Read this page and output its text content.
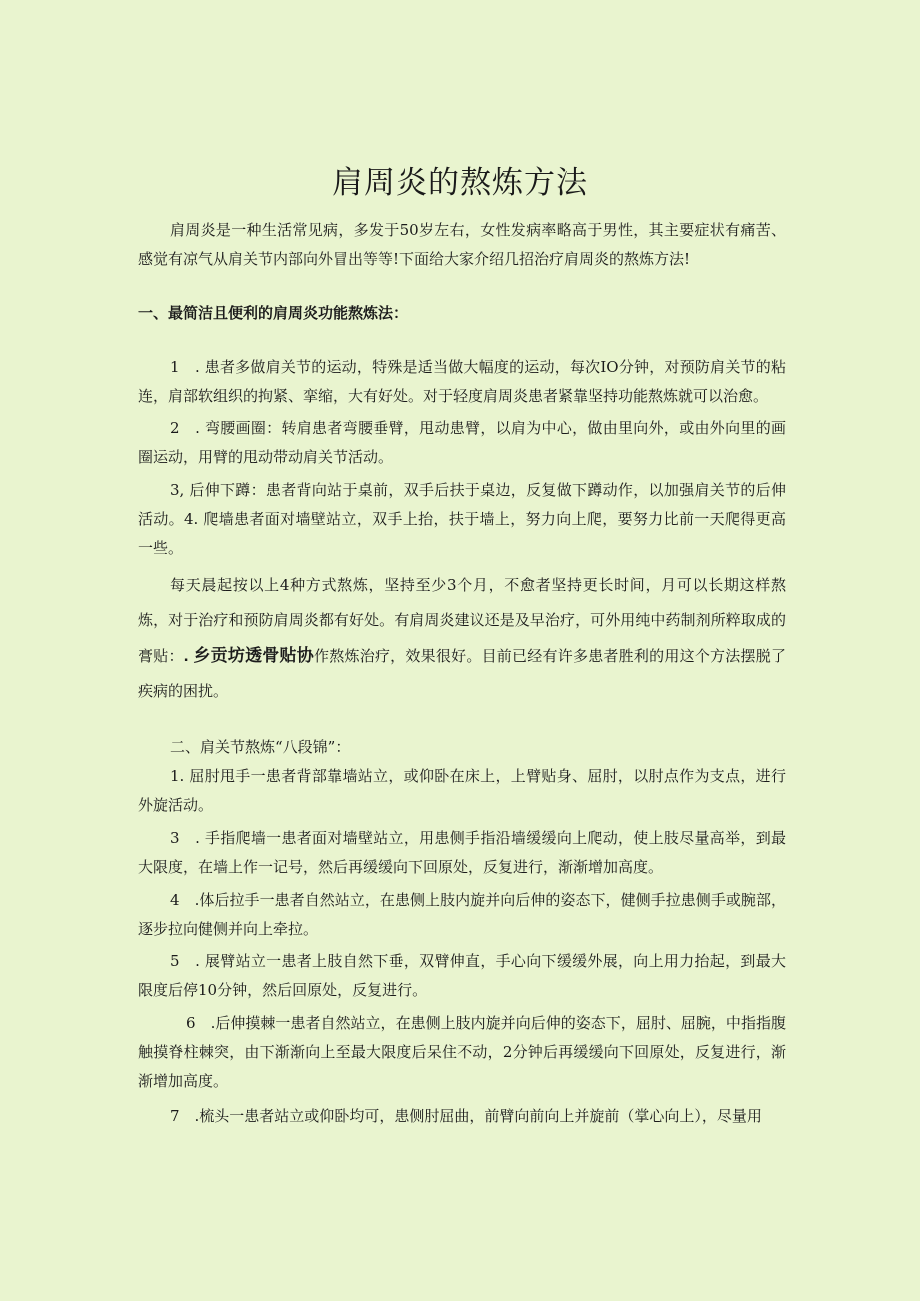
肩周炎的熬炼方法

肩周炎是一种生活常见病，多发于50岁左右，女性发病率略高于男性，其主要症状有痛苦、感觉有凉气从肩关节内部向外冒出等等!下面给大家介绍几招治疗肩周炎的熬炼方法!

一、最简洁且便利的肩周炎功能熬炼法：

1　. 患者多做肩关节的运动，特殊是适当做大幅度的运动，每次IO分钟，对预防肩关节的粘连，肩部软组织的拘紧、挛缩，大有好处。对于轻度肩周炎患者紧靠坚持功能熬炼就可以治愈。

2　. 弯腰画圈：转肩患者弯腰垂臂，甩动患臂，以肩为中心，做由里向外，或由外向里的画圈运动，用臂的甩动带动肩关节活动。

3, 后伸下蹲：患者背向站于桌前，双手后扶于桌边，反复做下蹲动作，以加强肩关节的后伸活动。4. 爬墙患者面对墙壁站立，双手上抬，扶于墙上，努力向上爬，要努力比前一天爬得更高一些。

每天晨起按以上4种方式熬炼，坚持至少3个月，不愈者坚持更长时间，月可以长期这样熬炼，对于治疗和预防肩周炎都有好处。有肩周炎建议还是及早治疗，可外用纯中药制剂所粹取成的膏贴：. 乡贡坊透骨贴协作熬炼治疗，效果很好。目前已经有许多患者胜利的用这个方法摆脱了疾病的困扰。

二、肩关节熬炼“八段锦”：

1. 屈肘甩手一患者背部靠墙站立，或仰卧在床上，上臂贴身、屈肘，以肘点作为支点，进行外旋活动。

3　. 手指爬墙一患者面对墙壁站立，用患侧手指沿墙缓缓向上爬动，使上肢尽量高举，到最大限度，在墙上作一记号，然后再缓缓向下回原处，反复进行，渐渐增加高度。

4　.体后拉手一患者自然站立，在患侧上肢内旋并向后伸的姿态下，健侧手拉患侧手或腕部，逐步拉向健侧并向上牵拉。

5　. 展臂站立一患者上肢自然下垂，双臂伸直，手心向下缓缓外展，向上用力抬起，到最大限度后停10分钟，然后回原处，反复进行。

6　.后伸摸棘一患者自然站立，在患侧上肢内旋并向后伸的姿态下，屈肘、屈腕，中指指腹触摸脊柱棘突，由下渐渐向上至最大限度后呆住不动，2分钟后再缓缓向下回原处，反复进行，渐渐增加高度。

7　.梳头一患者站立或仰卧均可，患侧肘屈曲，前臂向前向上并旋前（掌心向上），尽量用
